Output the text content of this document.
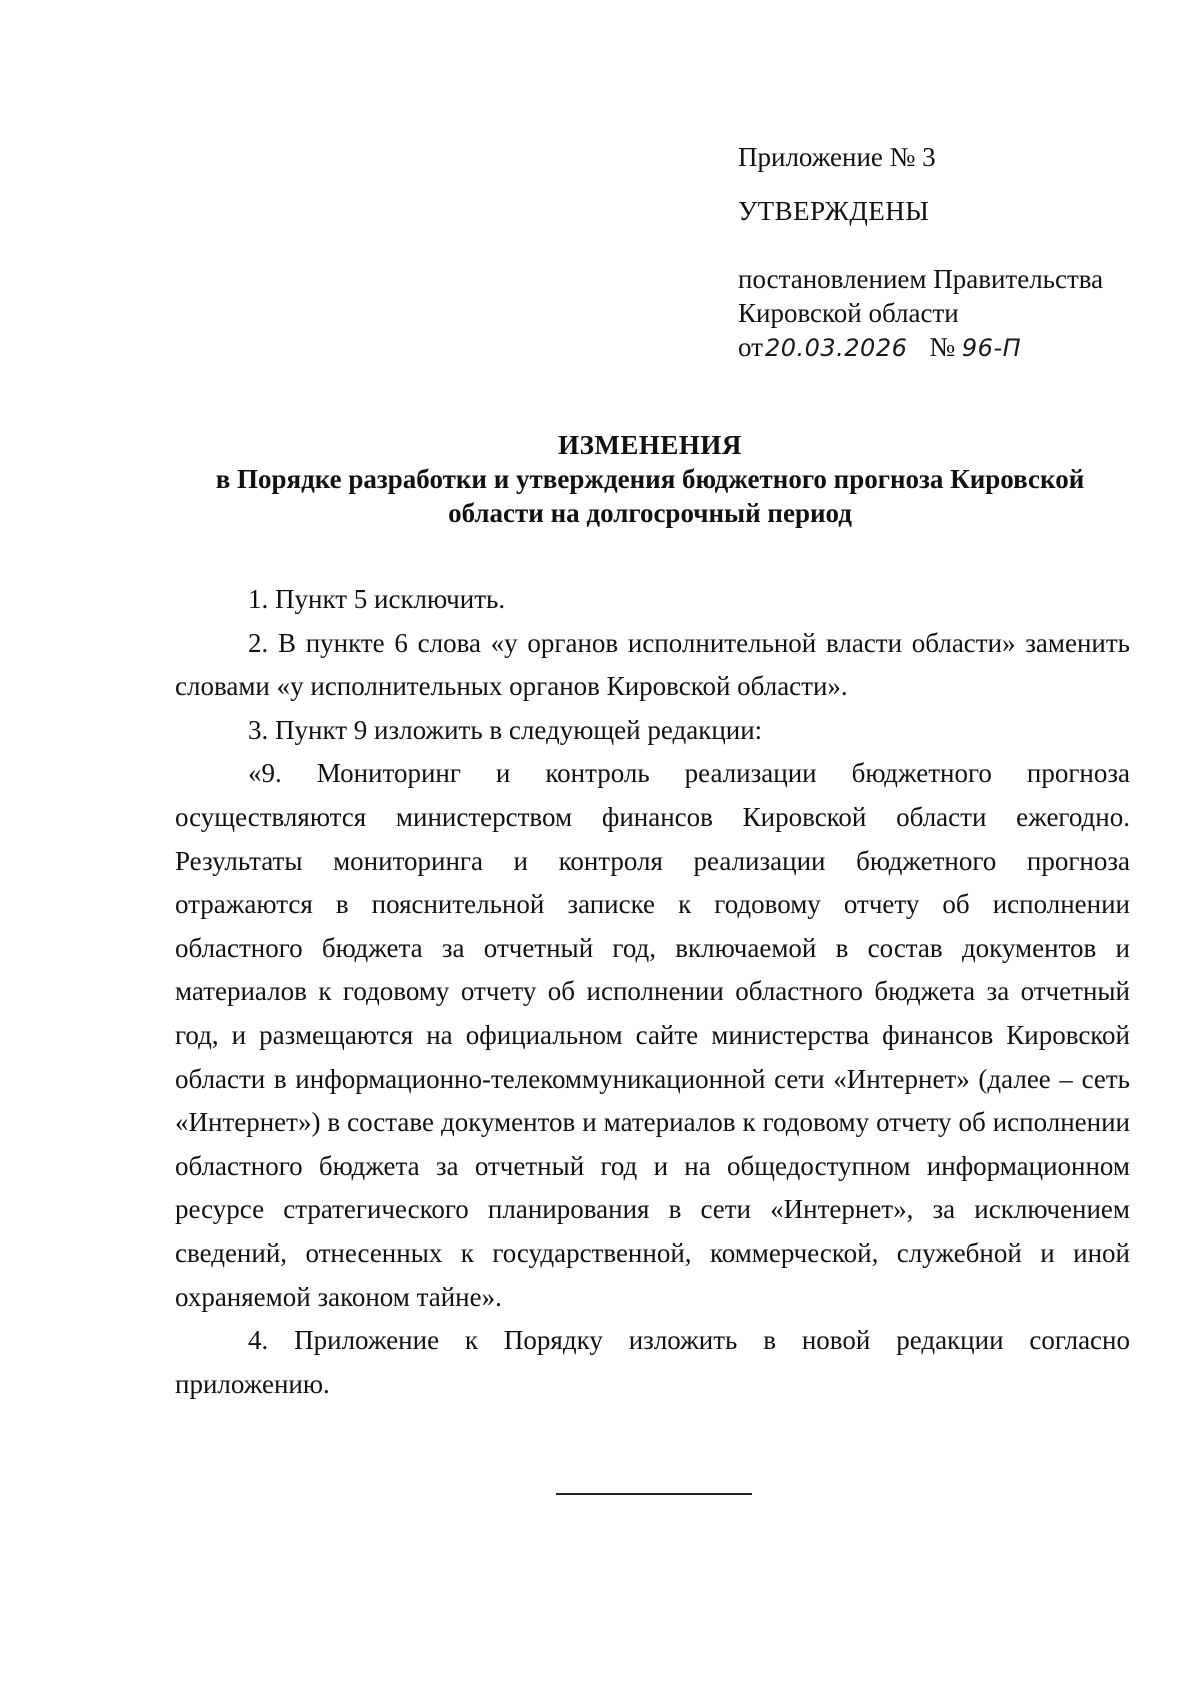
Приложение № 3

УТВЕРЖДЕНЫ

постановлением Правительства

Кировской области

от20.03.2026 № 96-П

ИЗМЕНЕНИЯ

в Порядке разработки и утверждения бюджетного прогноза Кировской

области на долгосрочный период

1. Пункт 5 исключить.

2. В пункте 6 слова «у органов исполнительной власти области» заменить словами «у исполнительных органов Кировской области».

3. Пункт 9 изложить в следующей редакции:

«9. Мониторинг и контроль реализации бюджетного прогноза осуществляются министерством финансов Кировской области ежегодно. Результаты мониторинга и контроля реализации бюджетного прогноза отражаются в пояснительной записке к годовому отчету об исполнении областного бюджета за отчетный год, включаемой в состав документов и материалов к годовому отчету об исполнении областного бюджета за отчетный год, и размещаются на официальном сайте министерства финансов Кировской области в информационно-телекоммуникационной сети «Интернет» (далее – сеть «Интернет») в составе документов и материалов к годовому отчету об исполнении областного бюджета за отчетный год и на общедоступном информационном ресурсе стратегического планирования в сети «Интернет», за исключением сведений, отнесенных к государственной, коммерческой, служебной и иной охраняемой законом тайне».

4. Приложение к Порядку изложить в новой редакции согласно приложению.
